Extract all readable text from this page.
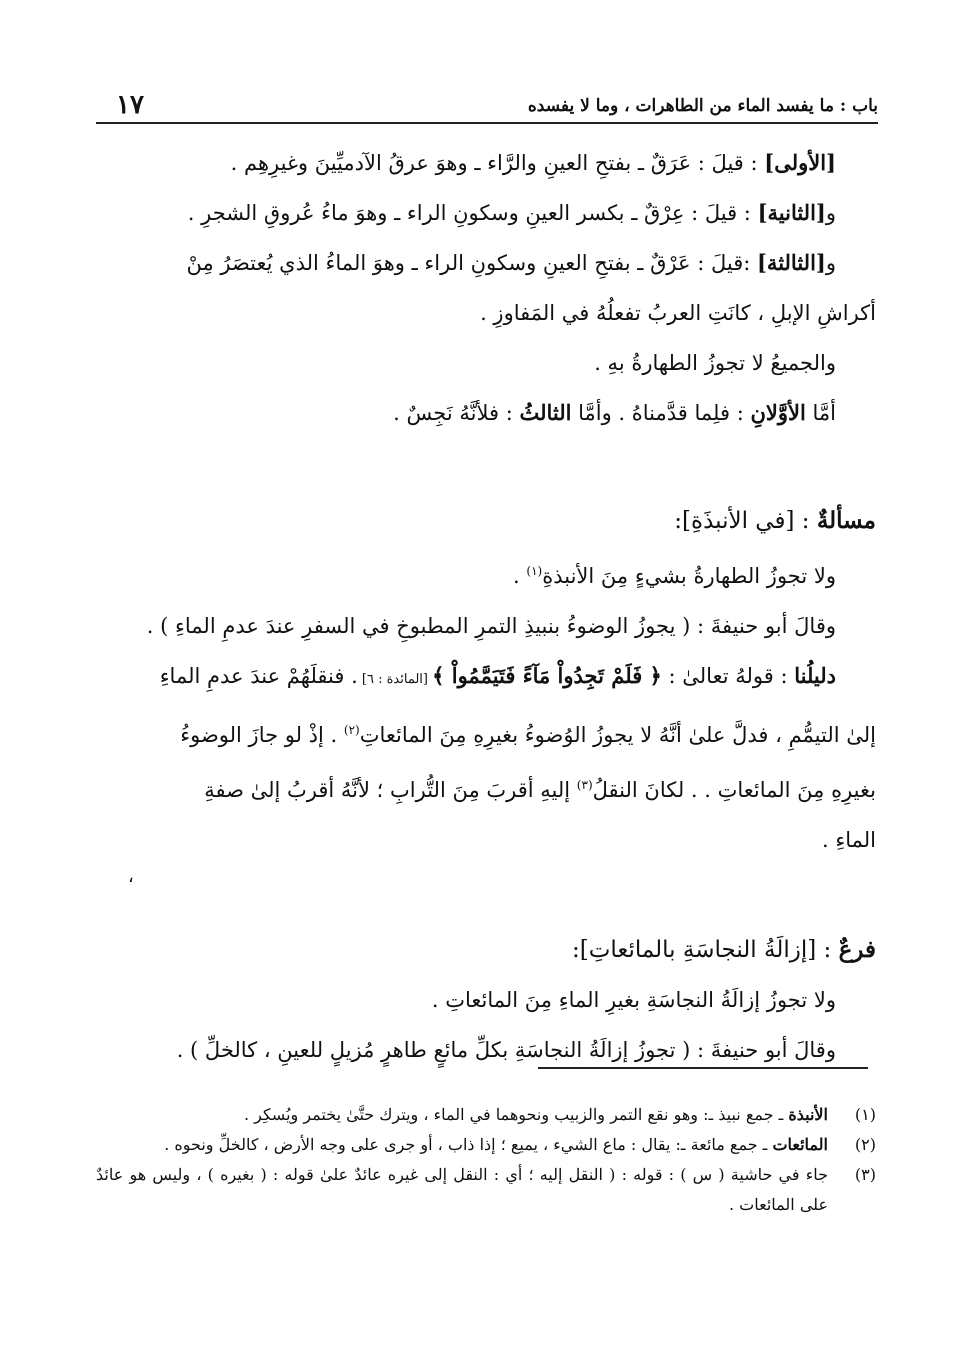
باب : ما يفسد الماء من الطاهرات ، وما لا يفسده
١٧
[الأولى] : قيلَ : عَرَقٌ ـ بفتحِ العينِ والرَّاء ـ وهوَ عرقُ الآدميِّينَ وغيرِهِم .
و[الثانية] : قيلَ : عِرْقٌ ـ بكسر العينِ وسكونِ الراء ـ وهوَ ماءُ عُروقِ الشجرِ .
و[الثالثة] :قيلَ : عَرْقٌ ـ بفتحِ العينِ وسكونِ الراء ـ وهوَ الماءُ الذي يُعتصَرُ مِنْ
أكراشِ الإبلِ ، كانَتِ العربُ تفعلُهُ في المَفاوزِ .
والجميعُ لا تجوزُ الطهارةُ بهِ .
أمَّا الأوَّلانِ : فلِما قدَّمناهُ . وأمَّا الثالثُ : فلأنَّهُ نَجِسٌ .
مسألةٌ : [في الأنبذَةِ]:
ولا تجوزُ الطهارةُ بشيءٍ مِنَ الأنبذةِ$^{(١)}$ .
وقالَ أبو حنيفةَ : ( يجوزُ الوضوءُ بنبيذِ التمرِ المطبوخِ في السفرِ عندَ عدمِ الماءِ ) .
دليلُنا : قولهُ تعالىٰ : ﴿ فَلَمْ تَجِدُواْ مَآءً فَتَيَمَّمُواْ ﴾ [المائدة : ٦] . فنقلَهُمْ عندَ عدمِ الماءِ
إلىٰ التيمُّمِ ، فدلَّ علىٰ أنَّهُ لا يجوزُ الوُضوءُ بغيرِهِ مِنَ المائعاتِ$^{(٢)}$ . إذْ لو جازَ الوضوءُ
بغيرِهِ مِنَ المائعاتِ . . لكانَ النقلُ$^{(٣)}$ إليهِ أقربَ مِنَ التُّرابِ ؛ لأنَّهُ أقربُ إلىٰ صفةِ
الماءِ .
فرعٌ : [إزالَةُ النجاسَةِ بالمائعاتِ]:
ولا تجوزُ إزالَةُ النجاسَةِ بغيرِ الماءِ مِنَ المائعاتِ .
وقالَ أبو حنيفةَ : ( تجوزُ إزالَةُ النجاسَةِ بكلِّ مائعٍ طاهرٍ مُزيلٍ للعينِ ، كالخلِّ ) .
،
(١)
الأنبذة ـ جمع نبيذ ـ: وهو نقع التمر والزبيب ونحوهما في الماء ، ويترك حتَّىٰ يختمر ويُسكِر .
(٢)
المائعات ـ جمع مائعة ـ: يقال : ماع الشيء ، يميع ؛ إذا ذاب ، أو جرى على وجه الأرض ، كالخلِّ ونحوه .
(٣)
جاء في حاشية ( س ) : قوله : ( النقل إليه ؛ أي : النقل إلى غيره عائدٌ علىٰ قوله : ( بغيره ) ، وليس هو عائدٌ على المائعات .
